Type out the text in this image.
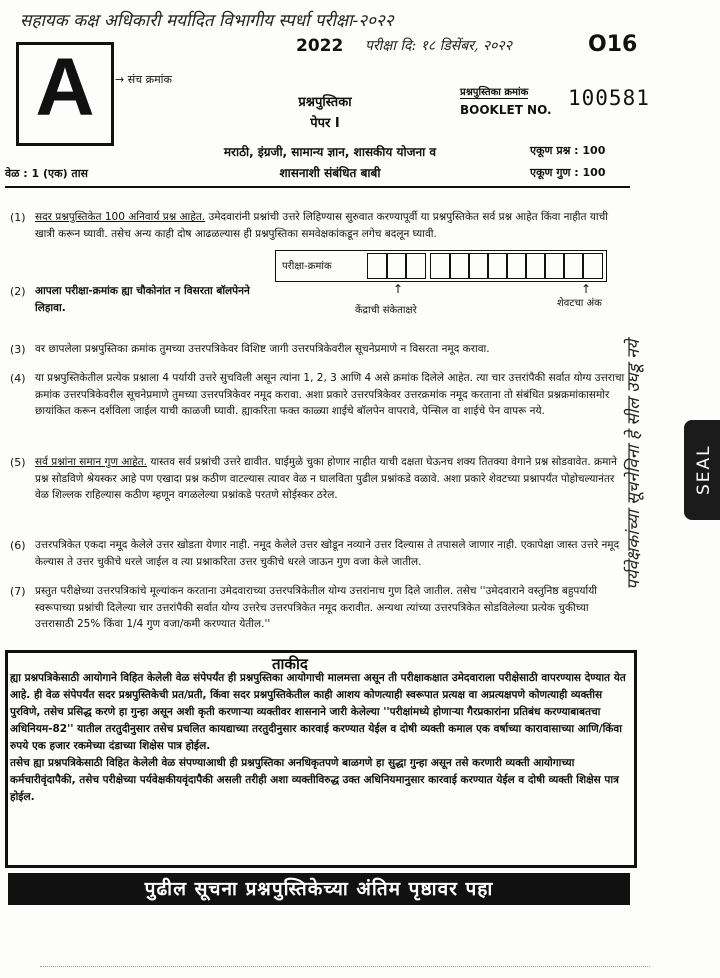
सहायक कक्ष अधिकारी मर्यादित विभागीय स्पर्धा परीक्षा-२०२२
2022 परीक्षा दि: १८ डिसेंबर, २०२२	O16
A	→ संच क्रमांक
प्रश्नपुस्तिका
पेपर I
प्रश्नपुस्तिका क्रमांक
BOOKLET NO. 100581
मराठी, इंग्रजी, सामान्य ज्ञान, शासकीय योजना व
शासनाशी संबंधित बाबी
वेळ : 1 (एक) तास
एकूण प्रश्न : 100
एकूण गुण : 100
(1) सदर प्रश्नपुस्तिकेत 100 अनिवार्य प्रश्न आहेत. उमेदवारांनी प्रश्नांची उत्तरे लिहिण्यास सुरुवात करण्यापूर्वी या प्रश्नपुस्तिकेत सर्व प्रश्न आहेत किंवा नाहीत याची खात्री करून घ्यावी. तसेच अन्य काही दोष आढळल्यास ही प्रश्नपुस्तिका समवेक्षकांकडून लगेच बदलून घ्यावी.
(2) आपला परीक्षा-क्रमांक ह्या चौकोनांत न विसरता बॉलपेनने लिहावा.
परीक्षा-क्रमांक
↑	↑
केंद्राची संकेताक्षरे
शेवटचा अंक
(3) वर छापलेला प्रश्नपुस्तिका क्रमांक तुमच्या उत्तरपत्रिकेवर विशिष्ट जागी उत्तरपत्रिकेवरील सूचनेप्रमाणे न विसरता नमूद करावा.
(4) या प्रश्नपुस्तिकेतील प्रत्येक प्रश्नाला 4 पर्यायी उत्तरे सुचविली असून त्यांना 1, 2, 3 आणि 4 असे क्रमांक दिलेले आहेत. त्या चार उत्तरांपैकी सर्वात योग्य उत्तराचा क्रमांक उत्तरपत्रिकेवरील सूचनेप्रमाणे तुमच्या उत्तरपत्रिकेवर नमूद करावा. अशा प्रकारे उत्तरपत्रिकेवर उत्तरक्रमांक नमूद करताना तो संबंधित प्रश्नक्रमांकासमोर छायांकित करून दर्शविला जाईल याची काळजी घ्यावी. ह्याकरिता फक्त काळ्या शाईचे बॉलपेन वापरावे, पेन्सिल वा शाईचे पेन वापरू नये.
(5) सर्व प्रश्नांना समान गुण आहेत. यास्तव सर्व प्रश्नांची उत्तरे द्यावीत. घाईमुळे चुका होणार नाहीत याची दक्षता घेऊनच शक्य तितक्या वेगाने प्रश्न सोडवावेत. क्रमाने प्रश्न सोडविणे श्रेयस्कर आहे पण एखादा प्रश्न कठीण वाटल्यास त्यावर वेळ न घालविता पुढील प्रश्नांकडे वळावे. अशा प्रकारे शेवटच्या प्रश्नापर्यंत पोहोचल्यानंतर वेळ शिल्लक राहिल्यास कठीण म्हणून वगळलेल्या प्रश्नांकडे परतणे सोईस्कर ठरेल.
(6) उत्तरपत्रिकेत एकदा नमूद केलेले उत्तर खोडता येणार नाही. नमूद केलेले उत्तर खोडून नव्याने उत्तर दिल्यास ते तपासले जाणार नाही. एकापेक्षा जास्त उत्तरे नमूद केल्यास ते उत्तर चुकीचे धरले जाईल व त्या प्रश्नाकरिता उत्तर चुकीचे धरले जाऊन गुण वजा केले जातील.
(7) प्रस्तुत परीक्षेच्या उत्तरपत्रिकांचे मूल्यांकन करताना उमेदवाराच्या उत्तरपत्रिकेतील योग्य उत्तरांनाच गुण दिले जातील. तसेच ''उमेदवाराने वस्तुनिष्ठ बहुपर्यायी स्वरूपाच्या प्रश्नांची दिलेल्या चार उत्तरांपैकी सर्वात योग्य उत्तरेच उत्तरपत्रिकेत नमूद करावीत. अन्यथा त्यांच्या उत्तरपत्रिकेत सोडविलेल्या प्रत्येक चुकीच्या उत्तरासाठी 25% किंवा 1/4 गुण वजा/कमी करण्यात येतील.''
ताकीद
ह्या प्रश्नपत्रिकेसाठी आयोगाने विहित केलेली वेळ संपेपर्यंत ही प्रश्नपुस्तिका आयोगाची मालमत्ता असून ती परीक्षाकक्षात उमेदवाराला परीक्षेसाठी वापरण्यास देण्यात येत आहे. ही वेळ संपेपर्यंत सदर प्रश्नपुस्तिकेची प्रत/प्रती, किंवा सदर प्रश्नपुस्तिकेतील काही आशय कोणत्याही स्वरूपात प्रत्यक्ष वा अप्रत्यक्षपणे कोणत्याही व्यक्तीस पुरविणे, तसेच प्रसिद्ध करणे हा गुन्हा असून अशी कृती करणाऱ्या व्यक्तीवर शासनाने जारी केलेल्या ''परीक्षांमध्ये होणाऱ्या गैरप्रकारांना प्रतिबंध करण्याबाबतचा अधिनियम-82'' यातील तरतुदीनुसार तसेच प्रचलित कायद्याच्या तरतुदीनुसार कारवाई करण्यात येईल व दोषी व्यक्ती कमाल एक वर्षाच्या कारावासाच्या आणि/किंवा रुपये एक हजार रकमेच्या दंडाच्या शिक्षेस पात्र होईल.
तसेच ह्या प्रश्नपत्रिकेसाठी विहित केलेली वेळ संपण्याआधी ही प्रश्नपुस्तिका अनधिकृतपणे बाळगणे हा सुद्धा गुन्हा असून तसे करणारी व्यक्ती आयोगाच्या कर्मचारीवृंदापैकी, तसेच परीक्षेच्या पर्यवेक्षकीयवृंदापैकी असली तरीही अशा व्यक्तीविरुद्ध उक्त अधिनियमानुसार कारवाई करण्यात येईल व दोषी व्यक्ती शिक्षेस पात्र होईल.
पुढील सूचना प्रश्नपुस्तिकेच्या अंतिम पृष्ठावर पहा
पर्यवेक्षकांच्या सूचनेविना हे सील उघडू नये	SEAL
